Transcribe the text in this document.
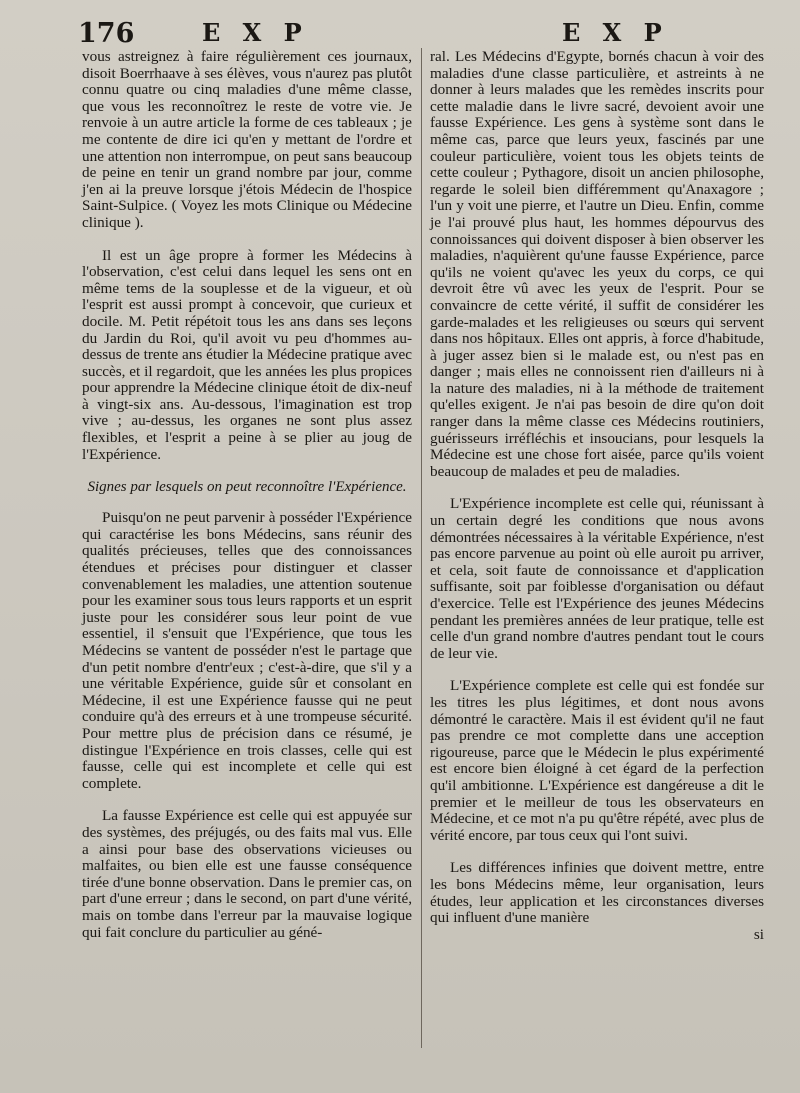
176	E X P	E X P

vous astreignez à faire régulièrement ces journaux, disoit Boerrhaave à ses élèves, vous n'aurez pas plutôt connu quatre ou cinq maladies d'une même classe, que vous les reconnoîtrez le reste de votre vie. Je renvoie à un autre article la forme de ces tableaux ; je me contente de dire ici qu'en y mettant de l'ordre et une attention non interrompue, on peut sans beaucoup de peine en tenir un grand nombre par jour, comme j'en ai la preuve lorsque j'étois Médecin de l'hospice Saint-Sulpice. ( Voyez les mots Clinique ou Médecine clinique ).

Il est un âge propre à former les Médecins à l'observation, c'est celui dans lequel les sens ont en même tems de la souplesse et de la vigueur, et où l'esprit est aussi prompt à concevoir, que curieux et docile. M. Petit répétoit tous les ans dans ses leçons du Jardin du Roi, qu'il avoit vu peu d'hommes au-dessus de trente ans étudier la Médecine pratique avec succès, et il regardoit, que les années les plus propices pour apprendre la Médecine clinique étoit de dix-neuf à vingt-six ans. Au-dessous, l'imagination est trop vive ; au-dessus, les organes ne sont plus assez flexibles, et l'esprit a peine à se plier au joug de l'Expérience.

Signes par lesquels on peut reconnoître l'Expérience.

Puisqu'on ne peut parvenir à posséder l'Expérience qui caractérise les bons Médecins, sans réunir des qualités précieuses, telles que des connoissances étendues et précises pour distinguer et classer convenablement les maladies, une attention soutenue pour les examiner sous tous leurs rapports et un esprit juste pour les considérer sous leur point de vue essentiel, il s'ensuit que l'Expérience, que tous les Médecins se vantent de posséder n'est le partage que d'un petit nombre d'entr'eux ; c'est-à-dire, que s'il y a une véritable Expérience, guide sûr et consolant en Médecine, il est une Expérience fausse qui ne peut conduire qu'à des erreurs et à une trompeuse sécurité. Pour mettre plus de précision dans ce résumé, je distingue l'Expérience en trois classes, celle qui est fausse, celle qui est incomplete et celle qui est complete.

La fausse Expérience est celle qui est appuyée sur des systèmes, des préjugés, ou des faits mal vus. Elle a ainsi pour base des observations vicieuses ou malfaites, ou bien elle est une fausse conséquence tirée d'une bonne observation. Dans le premier cas, on part d'une erreur ; dans le second, on part d'une vérité, mais on tombe dans l'erreur par la mauvaise logique qui fait conclure du particulier au géné-

ral. Les Médecins d'Egypte, bornés chacun à voir des maladies d'une classe particulière, et astreints à ne donner à leurs malades que les remèdes inscrits pour cette maladie dans le livre sacré, devoient avoir une fausse Expérience. Les gens à système sont dans le même cas, parce que leurs yeux, fascinés par une couleur particulière, voient tous les objets teints de cette couleur ; Pythagore, disoit un ancien philosophe, regarde le soleil bien différemment qu'Anaxagore ; l'un y voit une pierre, et l'autre un Dieu. Enfin, comme je l'ai prouvé plus haut, les hommes dépourvus des connoissances qui doivent disposer à bien observer les maladies, n'aquièrent qu'une fausse Expérience, parce qu'ils ne voient qu'avec les yeux du corps, ce qui devroit être vû avec les yeux de l'esprit. Pour se convaincre de cette vérité, il suffit de considérer les garde-malades et les religieuses ou sœurs qui servent dans nos hôpitaux. Elles ont appris, à force d'habitude, à juger assez bien si le malade est, ou n'est pas en danger ; mais elles ne connoissent rien d'ailleurs ni à la nature des maladies, ni à la méthode de traitement qu'elles exigent. Je n'ai pas besoin de dire qu'on doit ranger dans la même classe ces Médecins routiniers, guérisseurs irréfléchis et insoucians, pour lesquels la Médecine est une chose fort aisée, parce qu'ils voient beaucoup de malades et peu de maladies.

L'Expérience incomplete est celle qui, réunissant à un certain degré les conditions que nous avons démontrées nécessaires à la véritable Expérience, n'est pas encore parvenue au point où elle auroit pu arriver, et cela, soit faute de connoissance et d'application suffisante, soit par foiblesse d'organisation ou défaut d'exercice. Telle est l'Expérience des jeunes Médecins pendant les premières années de leur pratique, telle est celle d'un grand nombre d'autres pendant tout le cours de leur vie.

L'Expérience complete est celle qui est fondée sur les titres les plus légitimes, et dont nous avons démontré le caractère. Mais il est évident qu'il ne faut pas prendre ce mot complette dans une acception rigoureuse, parce que le Médecin le plus expérimenté est encore bien éloigné à cet égard de la perfection qu'il ambitionne. L'Expérience est dangéreuse a dit le premier et le meilleur de tous les observateurs en Médecine, et ce mot n'a pu qu'être répété, avec plus de vérité encore, par tous ceux qui l'ont suivi.

Les différences infinies que doivent mettre, entre les bons Médecins même, leur organisation, leurs études, leur application et les circonstances diverses qui influent d'une manière

si
